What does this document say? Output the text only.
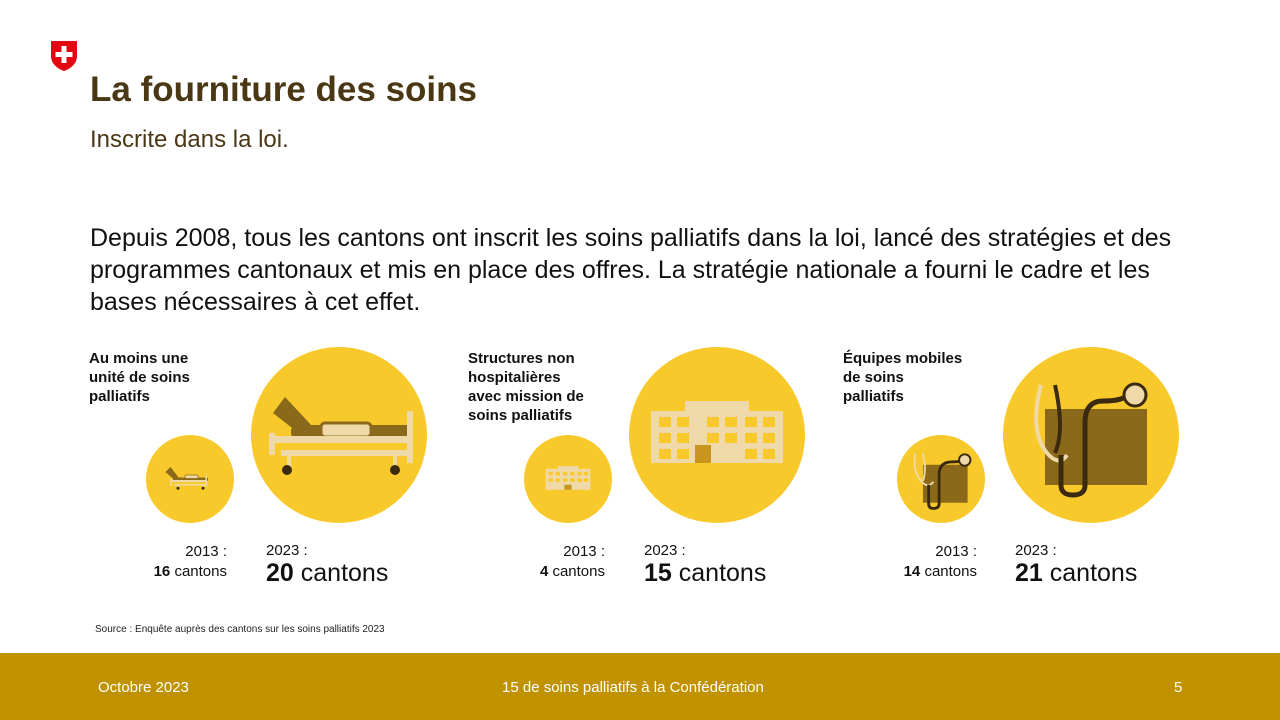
La fourniture des soins
Inscrite dans la loi.
Depuis 2008, tous les cantons ont inscrit les soins palliatifs dans la loi, lancé des stratégies et des programmes cantonaux et mis en place des offres. La stratégie nationale a fourni le cadre et les bases nécessaires à cet effet.
Au moins une
unité de soins
palliatifs
2013 :
16 cantons
2023 :
20 cantons
Structures non
hospitalières
avec mission de
soins palliatifs
2013 :
4 cantons
2023 :
15 cantons
Équipes mobiles
de soins
palliatifs
2013 :
14 cantons
2023 :
21 cantons
Source : Enquête auprès des cantons sur les soins palliatifs 2023
Octobre 2023	15 de soins palliatifs à la Confédération	5
